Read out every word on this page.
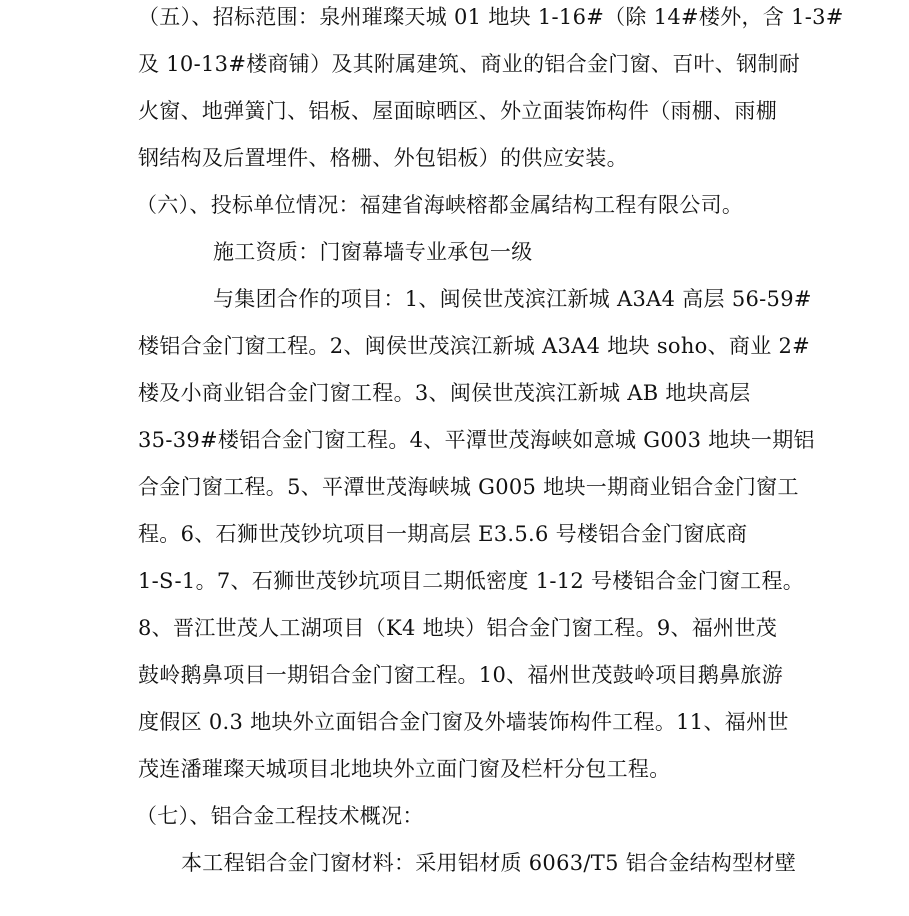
（五）、招标范围：泉州璀璨天城 01 地块 1-16#（除 14#楼外，含 1-3#
及 10-13#楼商铺）及其附属建筑、商业的铝合金门窗、百叶、钢制耐
火窗、地弹簧门、铝板、屋面晾晒区、外立面装饰构件（雨棚、雨棚
钢结构及后置埋件、格栅、外包铝板）的供应安装。
（六）、投标单位情况：福建省海峡榕都金属结构工程有限公司。
施工资质：门窗幕墙专业承包一级
与集团合作的项目：1、闽侯世茂滨江新城 A3A4 高层 56-59#
楼铝合金门窗工程。2、闽侯世茂滨江新城 A3A4 地块 soho、商业 2#
楼及小商业铝合金门窗工程。3、闽侯世茂滨江新城 AB 地块高层
35-39#楼铝合金门窗工程。4、平潭世茂海峡如意城 G003 地块一期铝
合金门窗工程。5、平潭世茂海峡城 G005 地块一期商业铝合金门窗工
程。6、石狮世茂钞坑项目一期高层 E3.5.6 号楼铝合金门窗底商
1-S-1。7、石狮世茂钞坑项目二期低密度 1-12 号楼铝合金门窗工程。
8、晋江世茂人工湖项目（K4 地块）铝合金门窗工程。9、福州世茂
鼓岭鹅鼻项目一期铝合金门窗工程。10、福州世茂鼓岭项目鹅鼻旅游
度假区 0.3 地块外立面铝合金门窗及外墙装饰构件工程。11、福州世
茂连潘璀璨天城项目北地块外立面门窗及栏杆分包工程。
（七）、铝合金工程技术概况：
本工程铝合金门窗材料：采用铝材质 6063/T5 铝合金结构型材壁
